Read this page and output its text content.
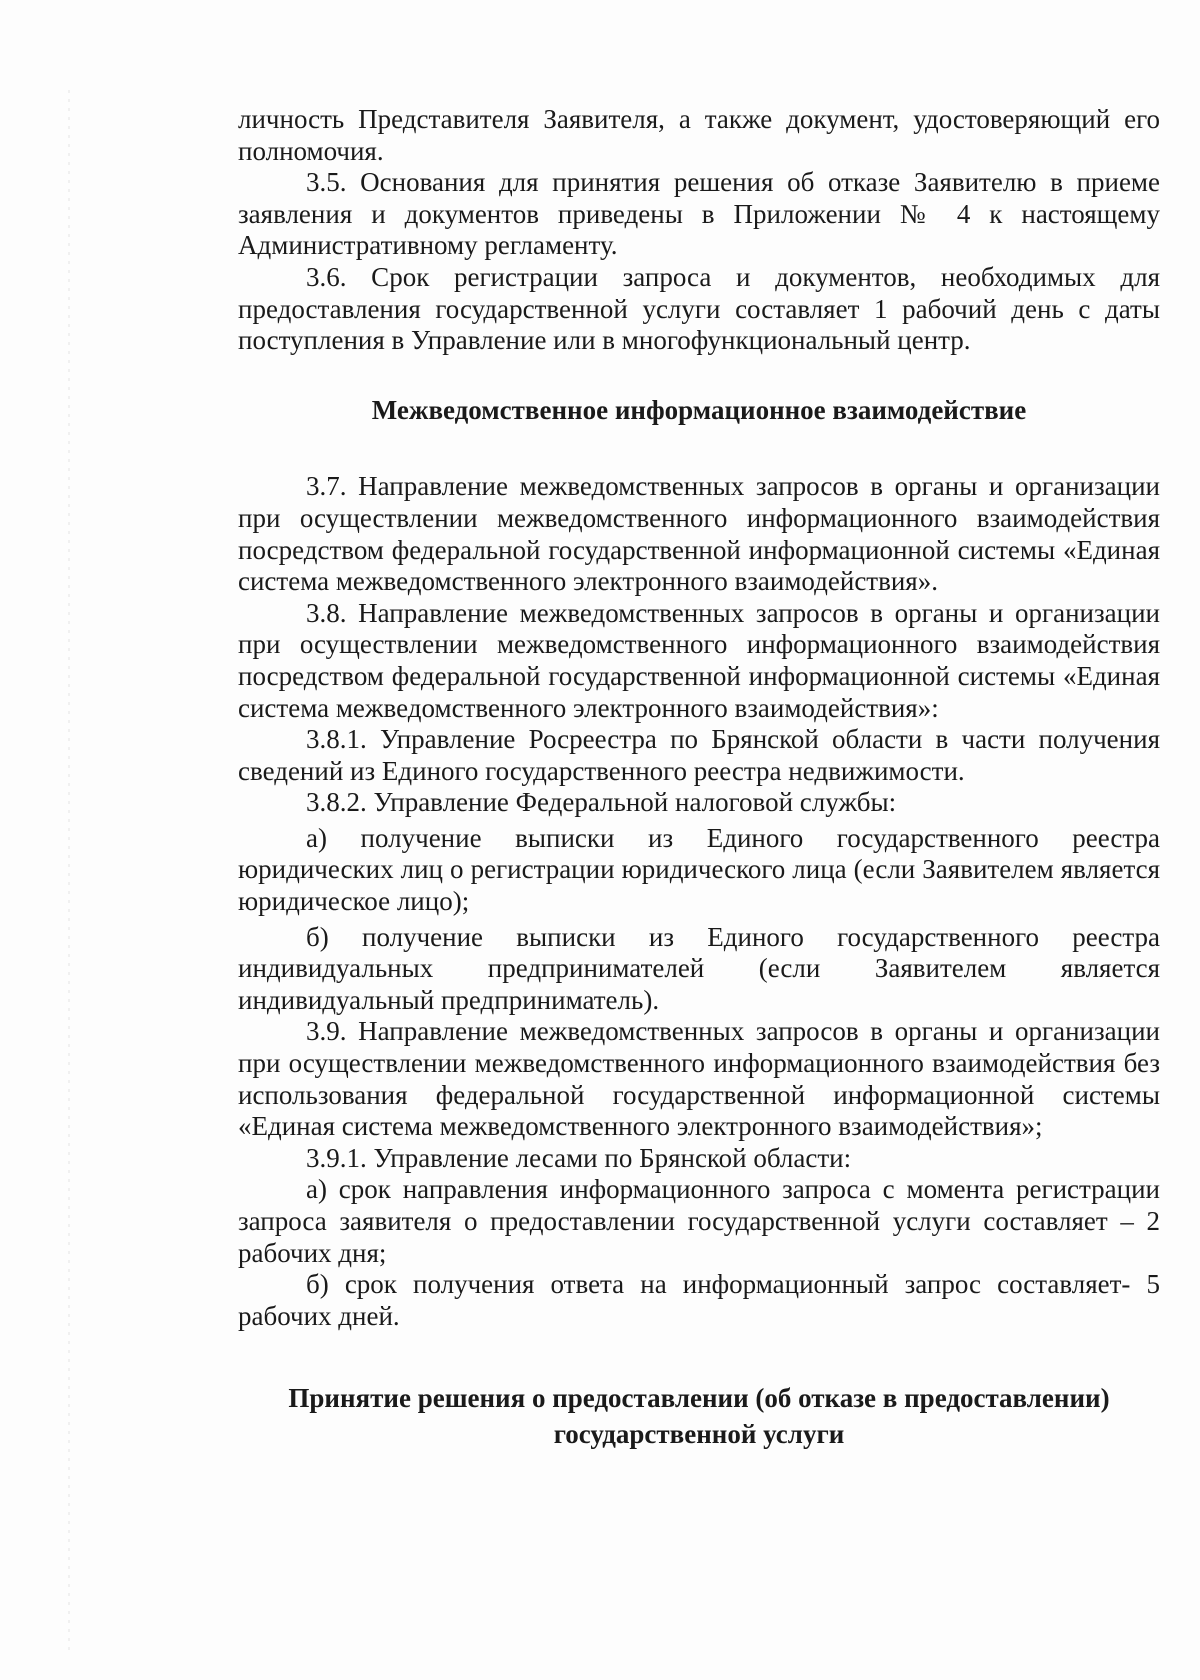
личность Представителя Заявителя, а также документ, удостоверяющий его полномочия.

3.5. Основания для принятия решения об отказе Заявителю в приеме заявления и документов приведены в Приложении № 4 к настоящему Административному регламенту.

3.6. Срок регистрации запроса и документов, необходимых для предоставления государственной услуги составляет 1 рабочий день с даты поступления в Управление или в многофункциональный центр.

Межведомственное информационное взаимодействие

3.7. Направление межведомственных запросов в органы и организации при осуществлении межведомственного информационного взаимодействия посредством федеральной государственной информационной системы «Единая система межведомственного электронного взаимодействия».

3.8. Направление межведомственных запросов в органы и организации при осуществлении межведомственного информационного взаимодействия посредством федеральной государственной информационной системы «Единая система межведомственного электронного взаимодействия»:

3.8.1. Управление Росреестра по Брянской области в части получения сведений из Единого государственного реестра недвижимости.

3.8.2. Управление Федеральной налоговой службы:

а) получение выписки из Единого государственного реестра юридических лиц о регистрации юридического лица (если Заявителем является юридическое лицо);

б) получение выписки из Единого государственного реестра индивидуальных предпринимателей (если Заявителем является индивидуальный предприниматель).

3.9. Направление межведомственных запросов в органы и организации при осуществлении межведомственного информационного взаимодействия без использования федеральной государственной информационной системы «Единая система межведомственного электронного взаимодействия»;

3.9.1. Управление лесами по Брянской области:

а) срок направления информационного запроса с момента регистрации запроса заявителя о предоставлении государственной услуги составляет – 2 рабочих дня;

б) срок получения ответа на информационный запрос составляет- 5 рабочих дней.

Принятие решения о предоставлении (об отказе в предоставлении)
государственной услуги
